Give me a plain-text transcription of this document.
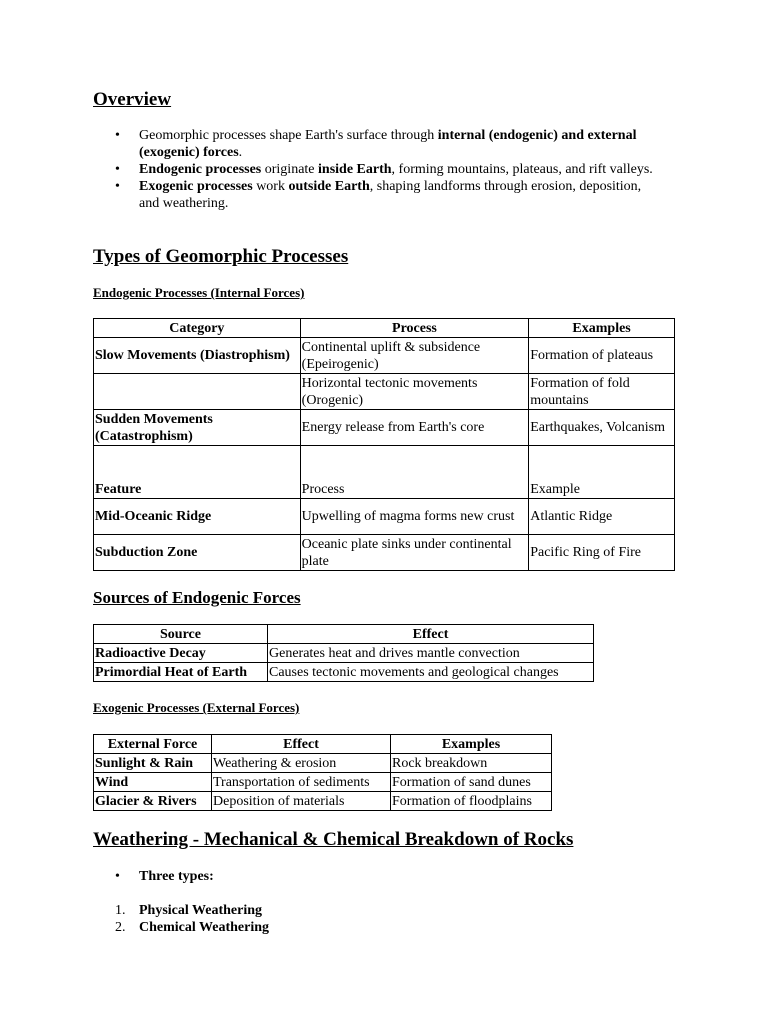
Overview
• Geomorphic processes shape Earth's surface through internal (endogenic) and external (exogenic) forces.
• Endogenic processes originate inside Earth, forming mountains, plateaus, and rift valleys.
• Exogenic processes work outside Earth, shaping landforms through erosion, deposition, and weathering.
Types of Geomorphic Processes
Endogenic Processes (Internal Forces)
Category	Process	Examples
Slow Movements (Diastrophism)	Continental uplift & subsidence (Epeirogenic)	Formation of plateaus
	Horizontal tectonic movements (Orogenic)	Formation of fold mountains
Sudden Movements (Catastrophism)	Energy release from Earth's core	Earthquakes, Volcanism
Feature	Process	Example
Mid-Oceanic Ridge	Upwelling of magma forms new crust	Atlantic Ridge
Subduction Zone	Oceanic plate sinks under continental plate	Pacific Ring of Fire
Sources of Endogenic Forces
Source	Effect
Radioactive Decay	Generates heat and drives mantle convection
Primordial Heat of Earth	Causes tectonic movements and geological changes
Exogenic Processes (External Forces)
External Force	Effect	Examples
Sunlight & Rain	Weathering & erosion	Rock breakdown
Wind	Transportation of sediments	Formation of sand dunes
Glacier & Rivers	Deposition of materials	Formation of floodplains
Weathering - Mechanical & Chemical Breakdown of Rocks
• Three types:
1. Physical Weathering
2. Chemical Weathering
